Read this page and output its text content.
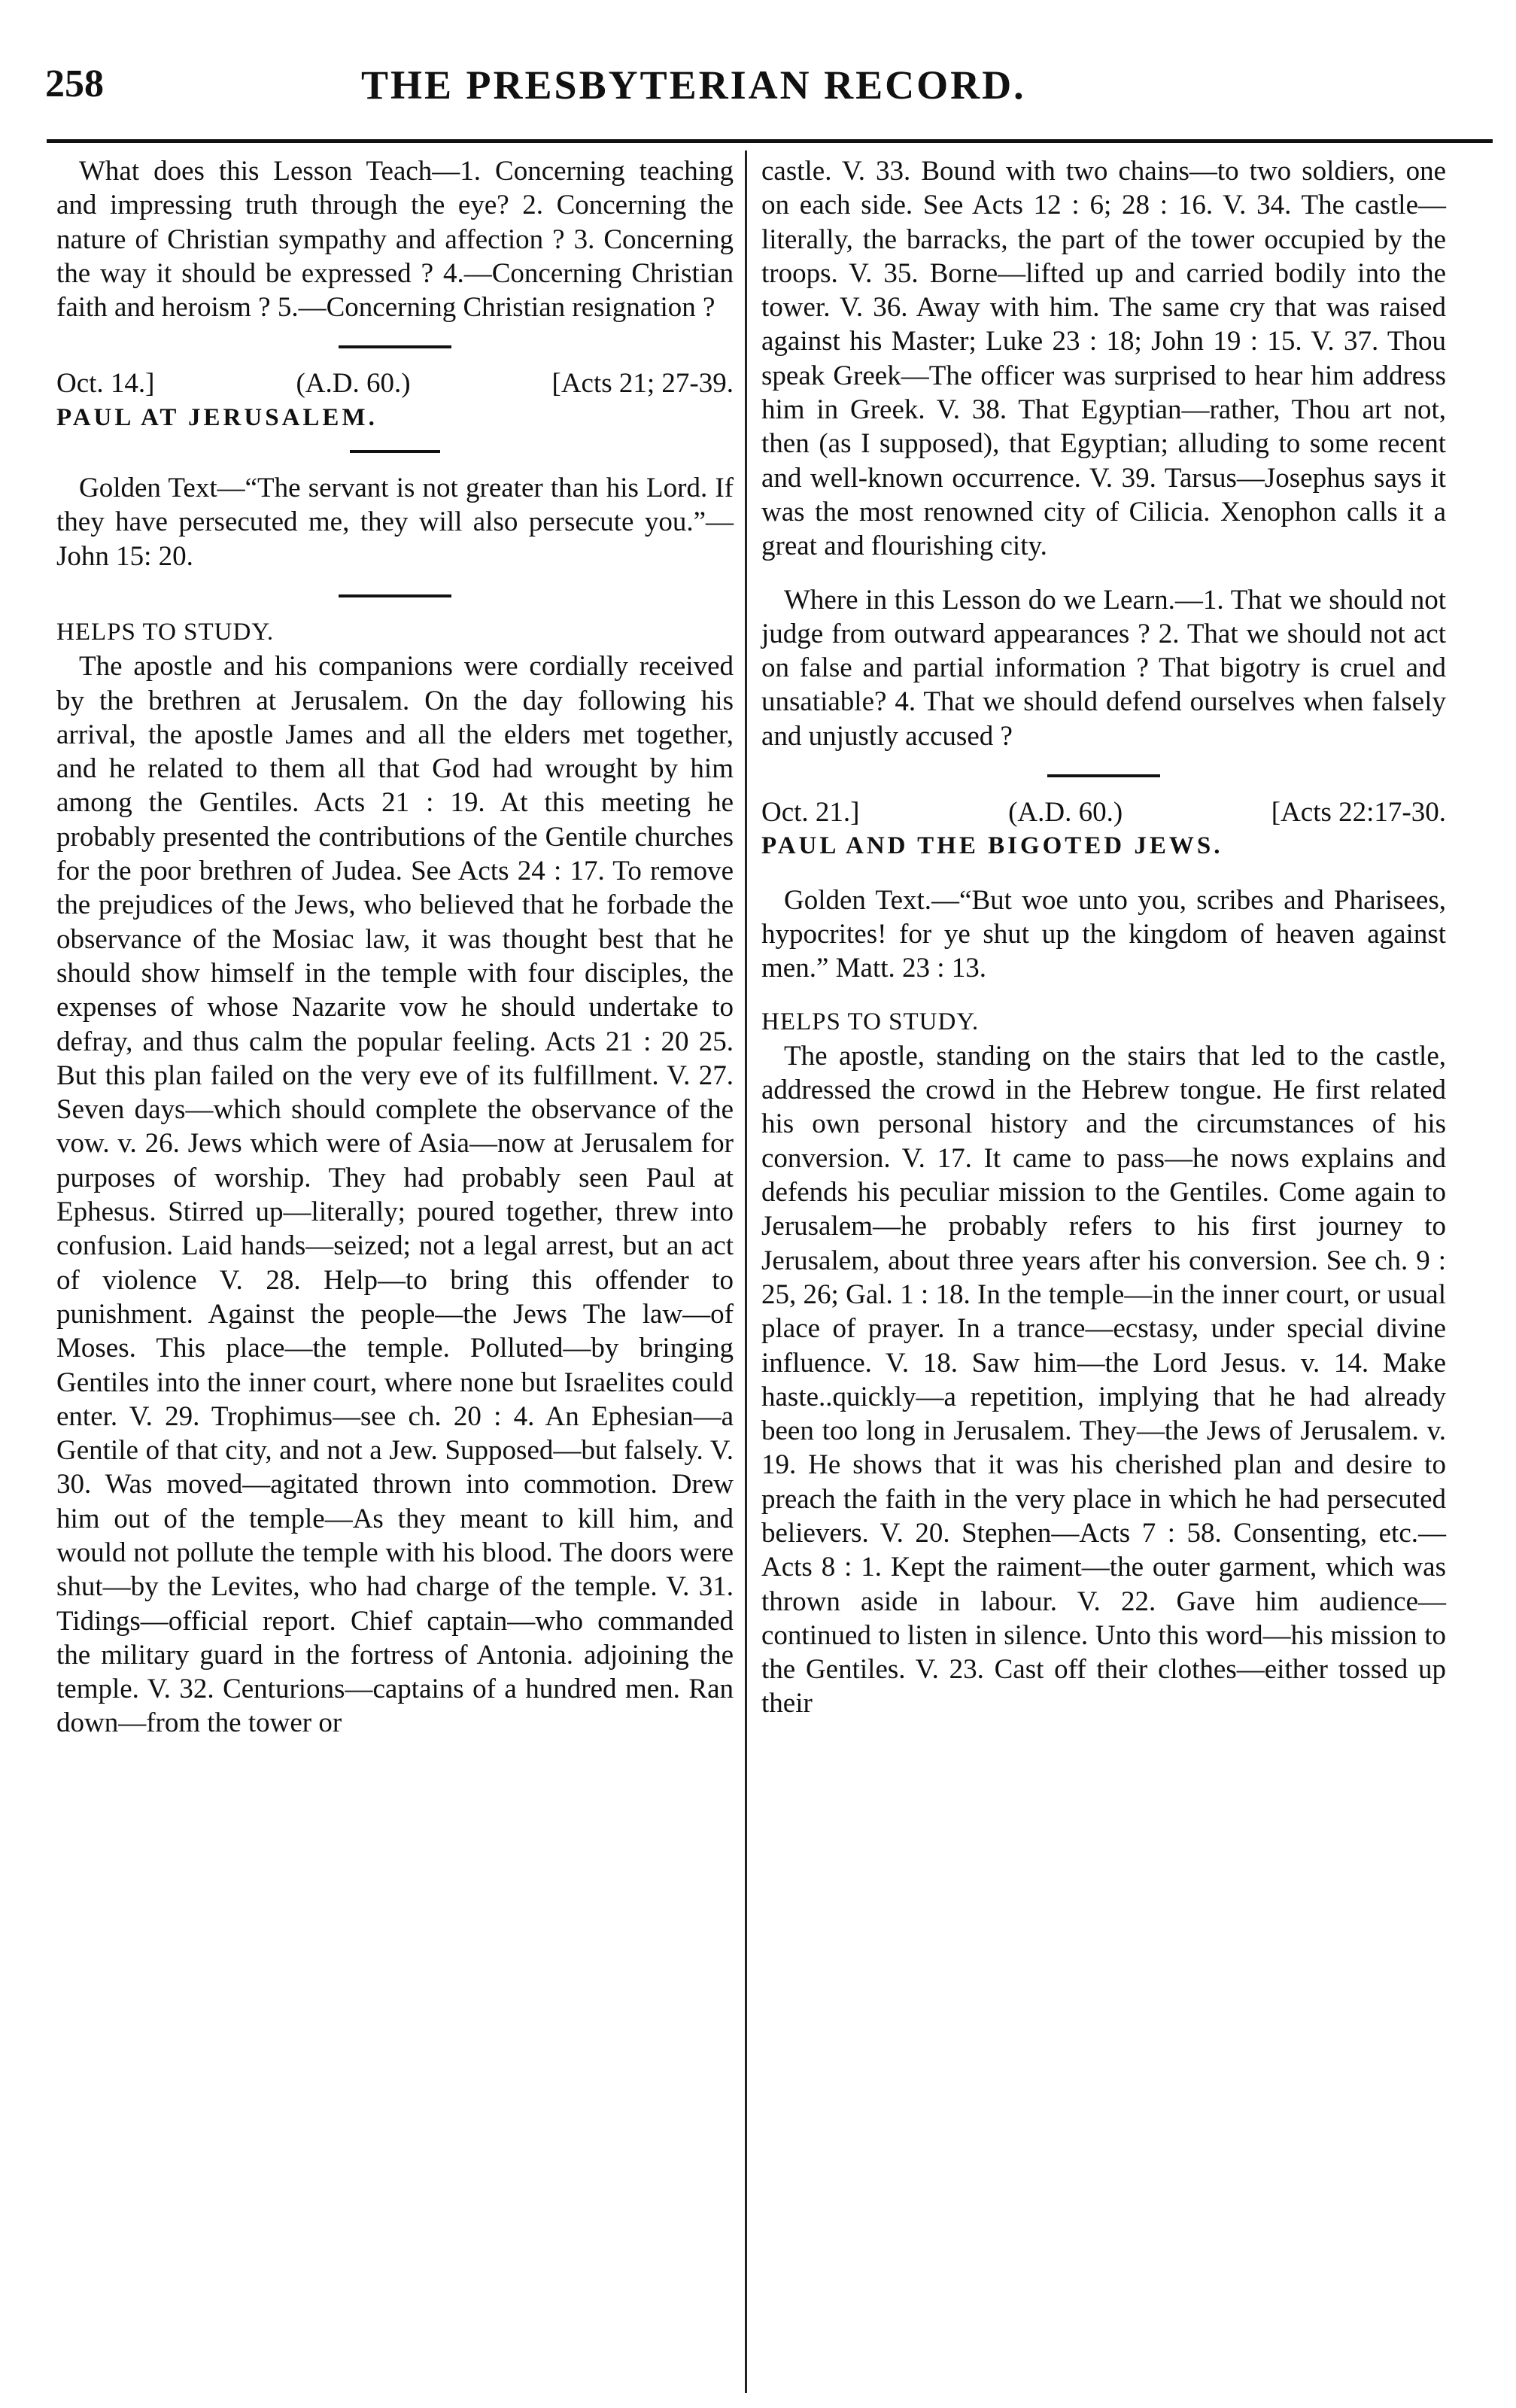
258	THE PRESBYTERIAN RECORD.

What does this Lesson Teach—1. Concerning teaching and impressing truth through the eye? 2. Concerning the nature of Christian sympathy and affection ? 3. Concerning the way it should be expressed ? 4.—Concerning Christian faith and heroism ? 5.—Concerning Christian resignation ?

Oct. 14.]	(A.D. 60.)	[Acts 21; 27-39.

PAUL AT JERUSALEM.

Golden Text—“The servant is not greater than his Lord. If they have persecuted me, they will also persecute you.”—John 15: 20.

HELPS TO STUDY.

The apostle and his companions were cordially received by the brethren at Jerusalem. On the day following his arrival, the apostle James and all the elders met together, and he related to them all that God had wrought by him among the Gentiles. Acts 21 : 19. At this meeting he probably presented the contributions of the Gentile churches for the poor brethren of Judea. See Acts 24 : 17. To remove the prejudices of the Jews, who believed that he forbade the observance of the Mosiac law, it was thought best that he should show himself in the temple with four disciples, the expenses of whose Nazarite vow he should undertake to defray, and thus calm the popular feeling. Acts 21 : 20 25. But this plan failed on the very eve of its fulfillment. V. 27. Seven days—which should complete the observance of the vow. v. 26. Jews which were of Asia—now at Jerusalem for purposes of worship. They had probably seen Paul at Ephesus. Stirred up—literally; poured together, threw into confusion. Laid hands—seized; not a legal arrest, but an act of violence V. 28. Help—to bring this offender to punishment. Against the people—the Jews The law—of Moses. This place—the temple. Polluted—by bringing Gentiles into the inner court, where none but Israelites could enter. V. 29. Trophimus—see ch. 20 : 4. An Ephesian—a Gentile of that city, and not a Jew. Supposed—but falsely. V. 30. Was moved—agitated thrown into commotion. Drew him out of the temple—As they meant to kill him, and would not pollute the temple with his blood. The doors were shut—by the Levites, who had charge of the temple. V. 31. Tidings—official report. Chief captain—who commanded the military guard in the fortress of Antonia. adjoining the temple. V. 32. Centurions—captains of a hundred men. Ran down—from the tower or

castle. V. 33. Bound with two chains—to two soldiers, one on each side. See Acts 12 : 6; 28 : 16. V. 34. The castle—literally, the barracks, the part of the tower occupied by the troops. V. 35. Borne—lifted up and carried bodily into the tower. V. 36. Away with him. The same cry that was raised against his Master; Luke 23 : 18; John 19 : 15. V. 37. Thou speak Greek—The officer was surprised to hear him address him in Greek. V. 38. That Egyptian—rather, Thou art not, then (as I supposed), that Egyptian; alluding to some recent and well-known occurrence. V. 39. Tarsus—Josephus says it was the most renowned city of Cilicia. Xenophon calls it a great and flourishing city.

Where in this Lesson do we Learn.—1. That we should not judge from outward appearances ? 2. That we should not act on false and partial information ? That bigotry is cruel and unsatiable? 4. That we should defend ourselves when falsely and unjustly accused ?

Oct. 21.]	(A.D. 60.)	[Acts 22:17-30.

PAUL AND THE BIGOTED JEWS.

Golden Text.—“But woe unto you, scribes and Pharisees, hypocrites! for ye shut up the kingdom of heaven against men.” Matt. 23 : 13.

HELPS TO STUDY.

The apostle, standing on the stairs that led to the castle, addressed the crowd in the Hebrew tongue. He first related his own personal history and the circumstances of his conversion. V. 17. It came to pass—he nows explains and defends his peculiar mission to the Gentiles. Come again to Jerusalem—he probably refers to his first journey to Jerusalem, about three years after his conversion. See ch. 9 : 25, 26; Gal. 1 : 18. In the temple—in the inner court, or usual place of prayer. In a trance—ecstasy, under special divine influence. V. 18. Saw him—the Lord Jesus. v. 14. Make haste..quickly—a repetition, implying that he had already been too long in Jerusalem. They—the Jews of Jerusalem. v. 19. He shows that it was his cherished plan and desire to preach the faith in the very place in which he had persecuted believers. V. 20. Stephen—Acts 7 : 58. Consenting, etc.—Acts 8 : 1. Kept the raiment—the outer garment, which was thrown aside in labour. V. 22. Gave him audience—continued to listen in silence. Unto this word—his mission to the Gentiles. V. 23. Cast off their clothes—either tossed up their
